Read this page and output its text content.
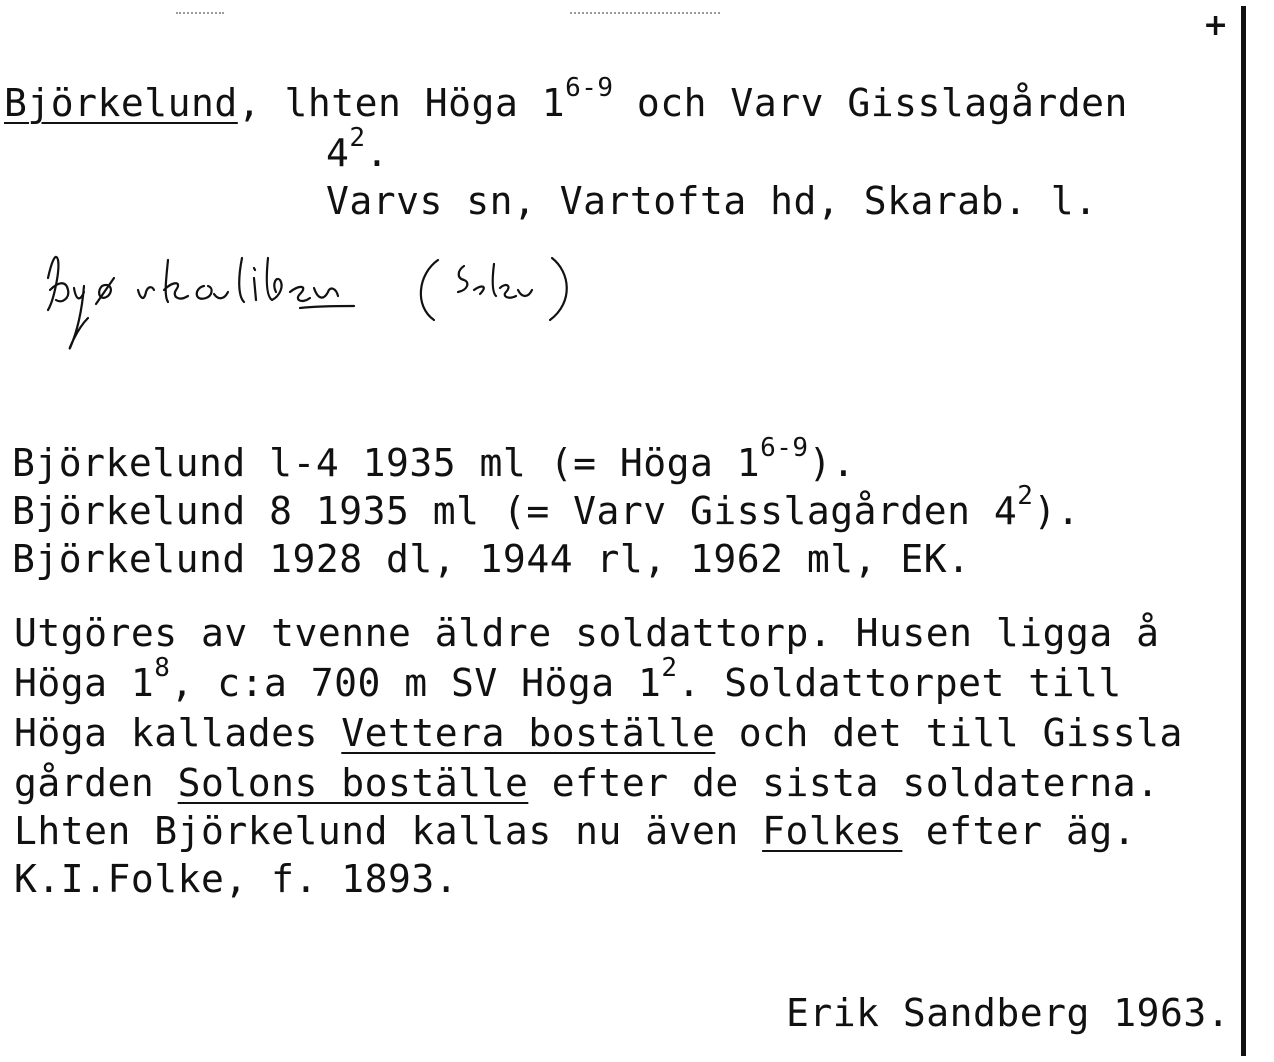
+
Björkelund, lhten Höga 1$^{6-9}$ och Varv Gisslagården
$4^2$.
Varvs sn, Vartofta hd, Skarab. l.
Björkelund l-4 1935 ml (= Höga 1$^{6-9}$).
Björkelund 8 1935 ml (= Varv Gisslagården $4^2$).
Björkelund 1928 dl, 1944 rl, 1962 ml, EK.
Utgöres av tvenne äldre soldattorp. Husen ligga å
Höga $1^8$, c:a 700 m SV Höga $1^2$. Soldattorpet till
Höga kallades Vettera boställe och det till Gissla
gården Solons boställe efter de sista soldaterna.
Lhten Björkelund kallas nu även Folkes efter äg.
K.I.Folke, f. 1893.
Erik Sandberg 1963.
